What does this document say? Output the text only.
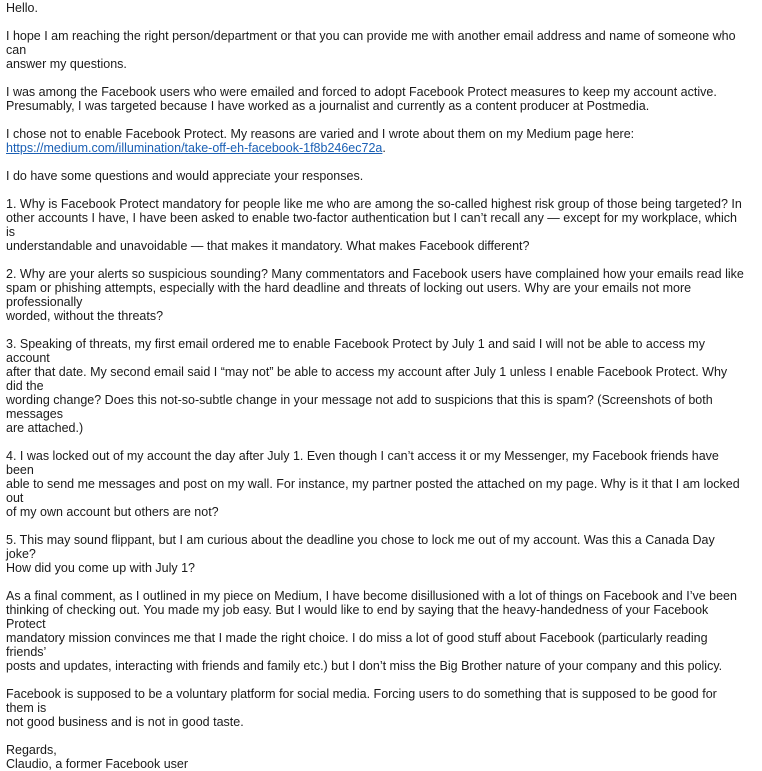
Hello.

I hope I am reaching the right person/department or that you can provide me with another email address and name of someone who can
answer my questions.

I was among the Facebook users who were emailed and forced to adopt Facebook Protect measures to keep my account active.
Presumably, I was targeted because I have worked as a journalist and currently as a content producer at Postmedia.

I chose not to enable Facebook Protect. My reasons are varied and I wrote about them on my Medium page here:
https://medium.com/illumination/take-off-eh-facebook-1f8b246ec72a.

I do have some questions and would appreciate your responses.

1. Why is Facebook Protect mandatory for people like me who are among the so-called highest risk group of those being targeted? In
other accounts I have, I have been asked to enable two-factor authentication but I can’t recall any — except for my workplace, which is
understandable and unavoidable — that makes it mandatory. What makes Facebook different?

2. Why are your alerts so suspicious sounding? Many commentators and Facebook users have complained how your emails read like
spam or phishing attempts, especially with the hard deadline and threats of locking out users. Why are your emails not more professionally
worded, without the threats?

3. Speaking of threats, my first email ordered me to enable Facebook Protect by July 1 and said I will not be able to access my account
after that date. My second email said I “may not” be able to access my account after July 1 unless I enable Facebook Protect. Why did the
wording change? Does this not-so-subtle change in your message not add to suspicions that this is spam? (Screenshots of both messages
are attached.)

4. I was locked out of my account the day after July 1. Even though I can’t access it or my Messenger, my Facebook friends have been
able to send me messages and post on my wall. For instance, my partner posted the attached on my page. Why is it that I am locked out
of my own account but others are not?

5. This may sound flippant, but I am curious about the deadline you chose to lock me out of my account. Was this a Canada Day joke?
How did you come up with July 1?

As a final comment, as I outlined in my piece on Medium, I have become disillusioned with a lot of things on Facebook and I’ve been
thinking of checking out. You made my job easy. But I would like to end by saying that the heavy-handedness of your Facebook Protect
mandatory mission convinces me that I made the right choice. I do miss a lot of good stuff about Facebook (particularly reading friends’
posts and updates, interacting with friends and family etc.) but I don’t miss the Big Brother nature of your company and this policy.

Facebook is supposed to be a voluntary platform for social media. Forcing users to do something that is supposed to be good for them is
not good business and is not in good taste.

Regards,
Claudio, a former Facebook user
